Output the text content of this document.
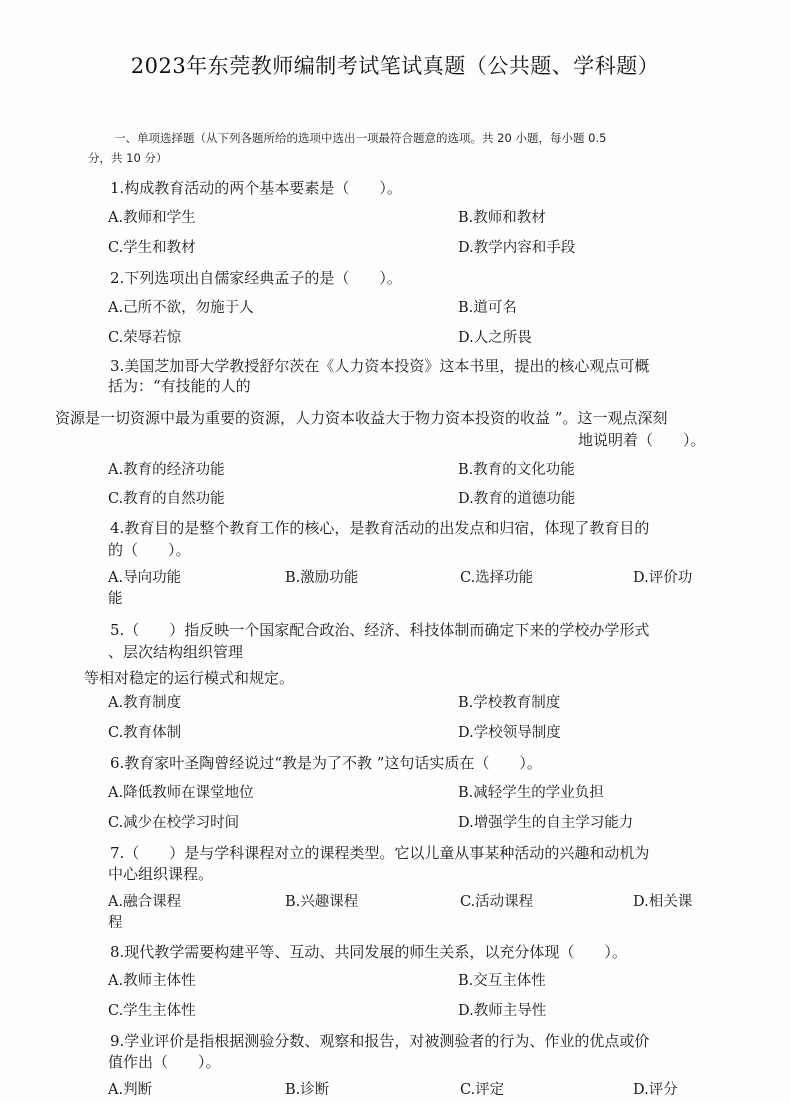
2023年东莞教师编制考试笔试真题（公共题、学科题）
一、单项选择题（从下列各题所给的选项中选出一项最符合题意的选项。共 20 小题，每小题 0.5
分，共 10 分）
1.构成教育活动的两个基本要素是（　　）。
A.教师和学生	B.教师和教材
C.学生和教材	D.教学内容和手段
2.下列选项出自儒家经典孟子的是（　　）。
A.己所不欲，勿施于人	B.道可名
C.荣辱若惊	D.人之所畏
3.美国芝加哥大学教授舒尔茨在《人力资本投资》这本书里，提出的核心观点可概
括为：“有技能的人的
资源是一切资源中最为重要的资源，人力资本收益大于物力资本投资的收益 ”。这一观点深刻
地说明着（　　）。
A.教育的经济功能	B.教育的文化功能
C.教育的自然功能	D.教育的道德功能
4.教育目的是整个教育工作的核心，是教育活动的出发点和归宿，体现了教育目的
的（　　）。
A.导向功能	B.激励功能	C.选择功能	D.评价功
能
5.（　　）指反映一个国家配合政治、经济、科技体制而确定下来的学校办学形式
、层次结构组织管理
等相对稳定的运行模式和规定。
A.教育制度	B.学校教育制度
C.教育体制	D.学校领导制度
6.教育家叶圣陶曾经说过“教是为了不教 ”这句话实质在（　　）。
A.降低教师在课堂地位	B.减轻学生的学业负担
C.减少在校学习时间	D.增强学生的自主学习能力
7.（　　）是与学科课程对立的课程类型。它以儿童从事某种活动的兴趣和动机为
中心组织课程。
A.融合课程	B.兴趣课程	C.活动课程	D.相关课
程
8.现代教学需要构建平等、互动、共同发展的师生关系，以充分体现（　　）。
A.教师主体性	B.交互主体性
C.学生主体性	D.教师主导性
9.学业评价是指根据测验分数、观察和报告，对被测验者的行为、作业的优点或价
值作出（　　）。
A.判断	B.诊断	C.评定	D.评分
